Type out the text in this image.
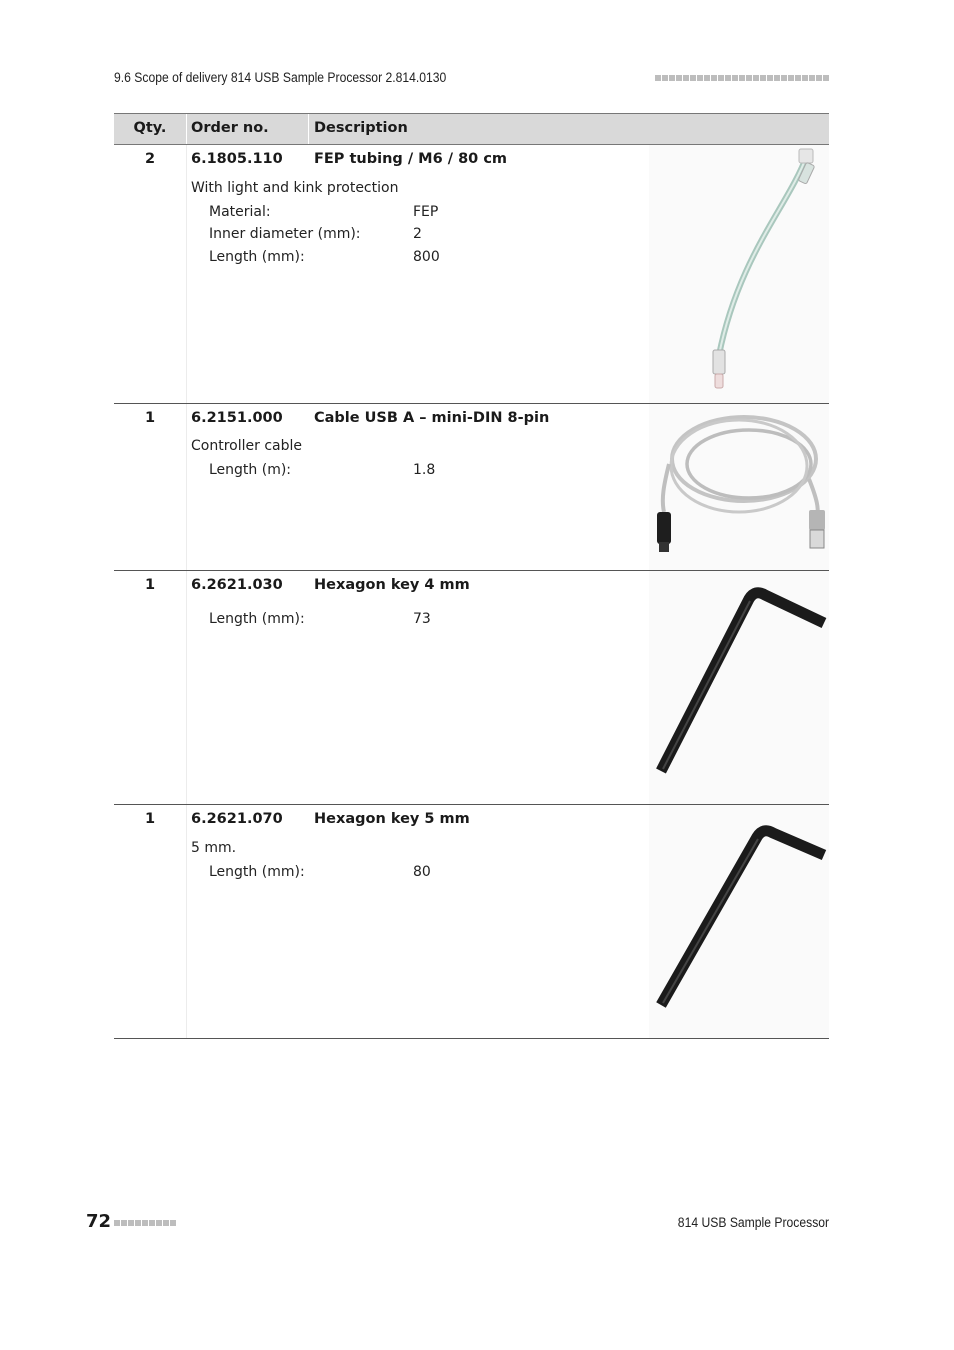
9.6 Scope of delivery 814 USB Sample Processor 2.814.0130
Qty.	Order no.	Description
2	6.1805.110 FEP tubing / M6 / 80 cm
With light and kink protection
Material:	FEP
Inner diameter (mm):	2
Length (mm):	800
1	6.2151.000 Cable USB A – mini-DIN 8-pin
Controller cable
Length (m):	1.8
1	6.2621.030 Hexagon key 4 mm
Length (mm):	73
1	6.2621.070 Hexagon key 5 mm
5 mm.
Length (mm):	80
72	814 USB Sample Processor
